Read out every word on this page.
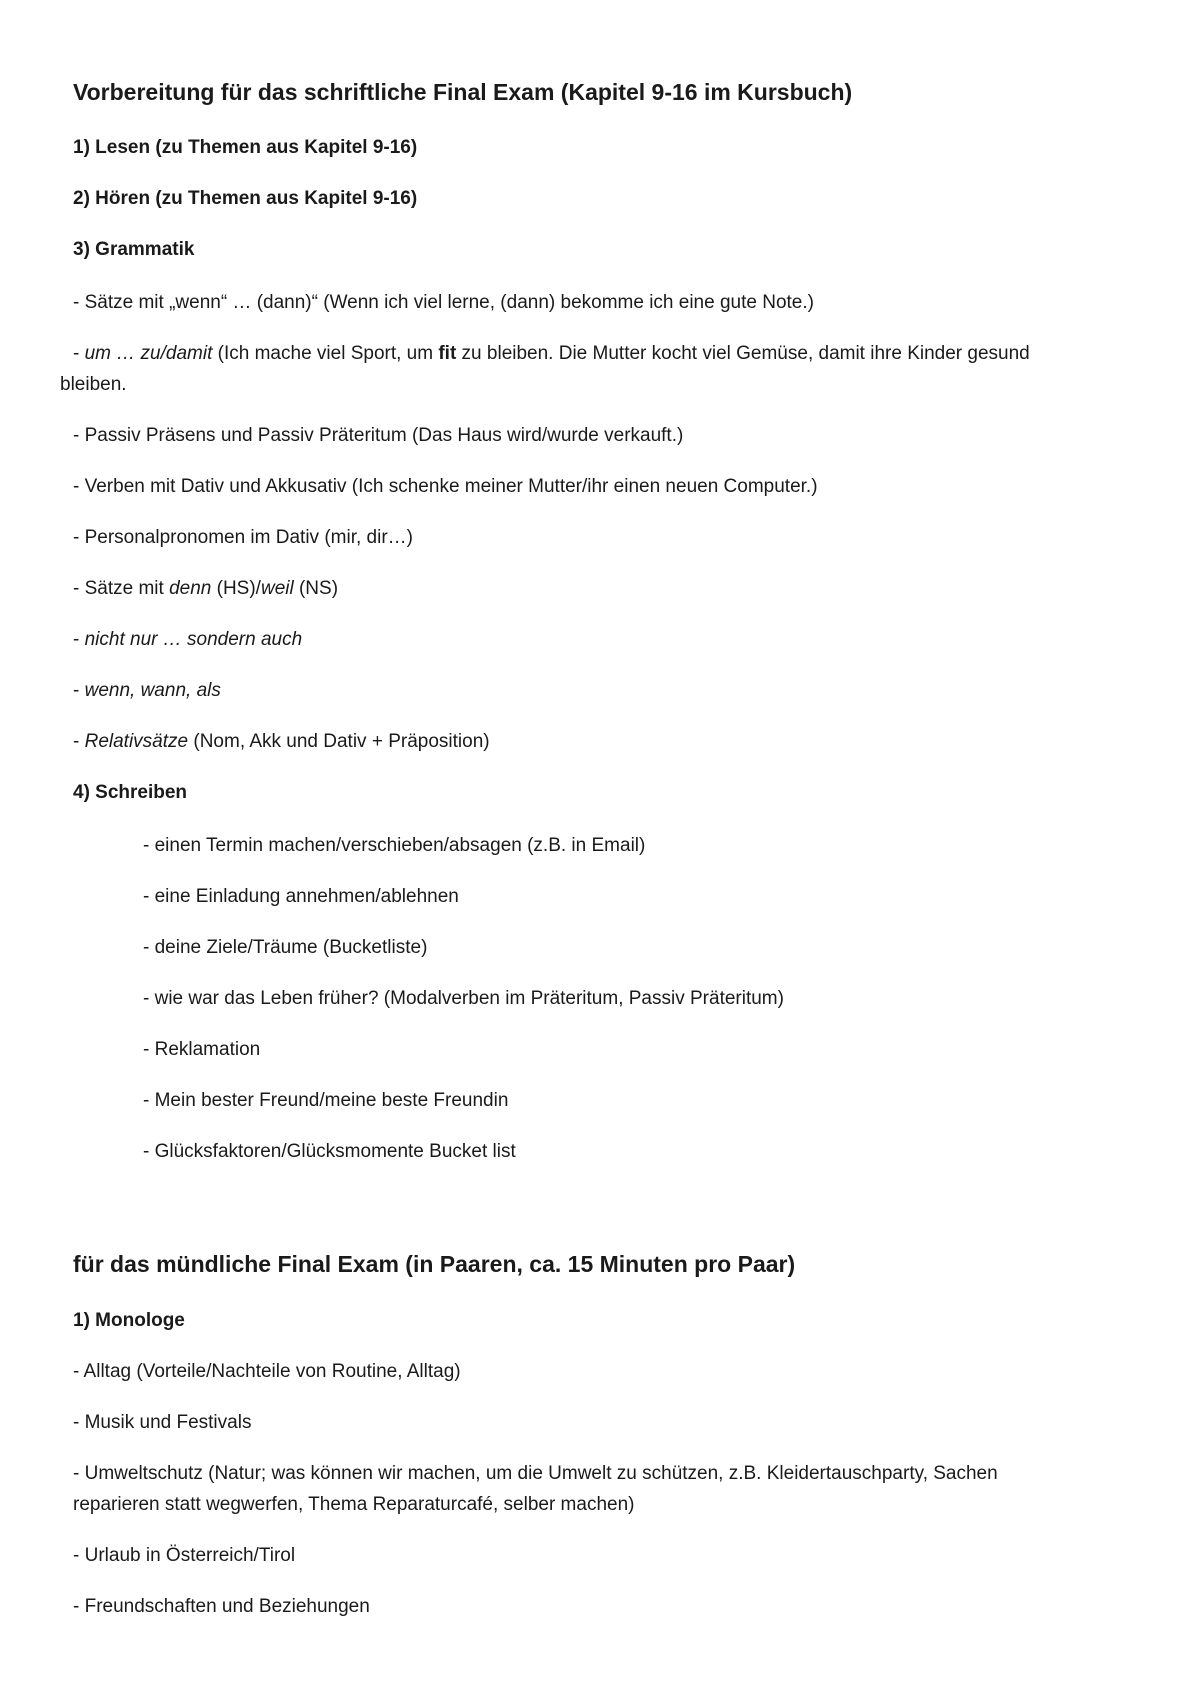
Vorbereitung für das schriftliche Final Exam (Kapitel 9-16 im Kursbuch)
1) Lesen (zu Themen aus Kapitel 9-16)
2) Hören (zu Themen aus Kapitel 9-16)
3) Grammatik
- Sätze mit „wenn“ … (dann)“ (Wenn ich viel lerne, (dann) bekomme ich eine gute Note.)
- um … zu/damit (Ich mache viel Sport, um fit zu bleiben. Die Mutter kocht viel Gemüse, damit ihre Kinder gesund
bleiben.
- Passiv Präsens und Passiv Präteritum (Das Haus wird/wurde verkauft.)
- Verben mit Dativ und Akkusativ (Ich schenke meiner Mutter/ihr einen neuen Computer.)
- Personalpronomen im Dativ (mir, dir…)
- Sätze mit denn (HS)/weil (NS)
- nicht nur … sondern auch
- wenn, wann, als
- Relativsätze (Nom, Akk und Dativ + Präposition)
4) Schreiben
- einen Termin machen/verschieben/absagen (z.B. in Email)
- eine Einladung annehmen/ablehnen
- deine Ziele/Träume (Bucketliste)
- wie war das Leben früher? (Modalverben im Präteritum, Passiv Präteritum)
- Reklamation
- Mein bester Freund/meine beste Freundin
- Glücksfaktoren/Glücksmomente Bucket list
für das mündliche Final Exam (in Paaren, ca. 15 Minuten pro Paar)
1) Monologe
- Alltag (Vorteile/Nachteile von Routine, Alltag)
- Musik und Festivals
- Umweltschutz (Natur; was können wir machen, um die Umwelt zu schützen, z.B. Kleidertauschparty, Sachen
reparieren statt wegwerfen, Thema Reparaturcafé, selber machen)
- Urlaub in Österreich/Tirol
- Freundschaften und Beziehungen
